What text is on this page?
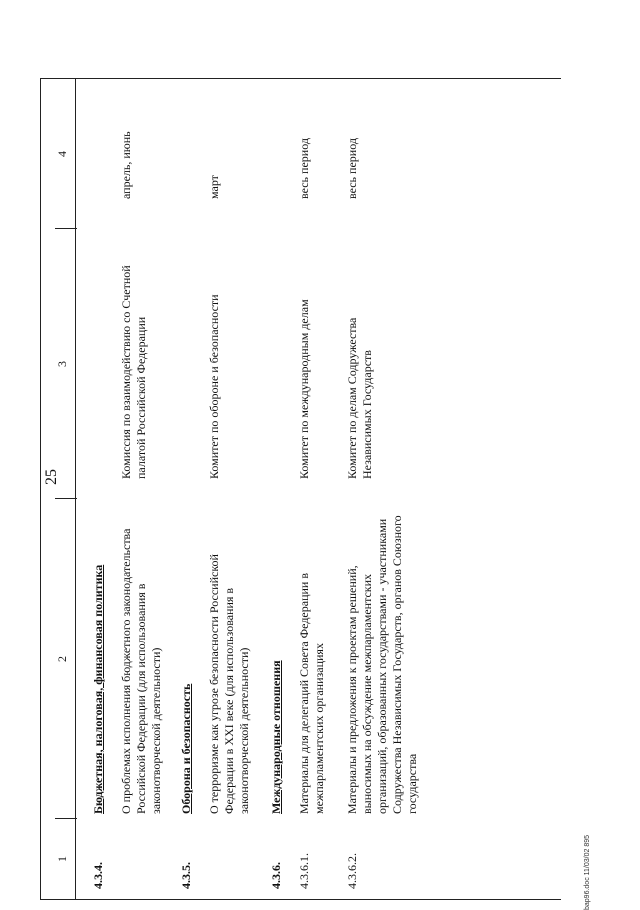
25
1
2
3
4
4.3.4.
Бюджетная, налоговая, финансовая политика О проблемах исполнения бюджетного законодательства Российской Федерации (для использования в законотворческой деятельности)
Комиссия по взаимодействию со Счетной палатой Российской Федерации
апрель, июнь
4.3.5.
Оборона и безопасность О терроризме как угрозе безопасности Российской Федерации в XXI веке (для использования в законотворческой деятельности)
Комитет по обороне и безопасности
март
4.3.6.
Международные отношения
4.3.6.1.
Материалы для делегаций Совета Федерации в межпарламентских организациях
Комитет по международным делам
весь период
4.3.6.2.
Материалы и предложения к проектам решений, выносимых на обсуждение межпарламентских организаций, образованных государствами - участниками Содружества Независимых Государств, органов Союзного государства
Комитет по делам Содружества Независимых Государств
весь период
bap96.doc 11/03/02 895
